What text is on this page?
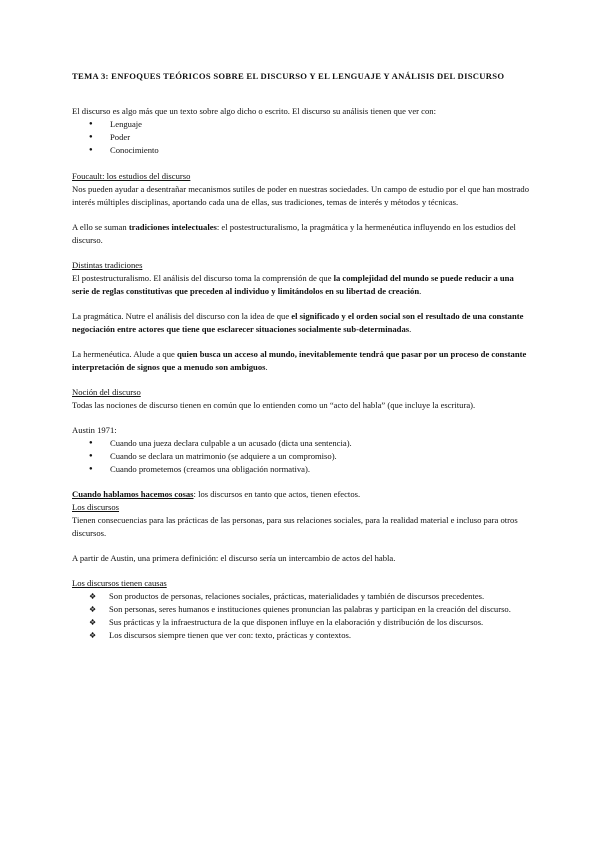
TEMA 3: ENFOQUES TEÓRICOS SOBRE EL DISCURSO Y EL LENGUAJE Y ANÁLISIS DEL DISCURSO

El discurso es algo más que un texto sobre algo dicho o escrito. El discurso su análisis tienen que ver con:

● Lenguaje
● Poder
● Conocimiento

Foucault: los estudios del discurso

Nos pueden ayudar a desentrañar mecanismos sutiles de poder en nuestras sociedades. Un campo de estudio por el que han mostrado interés múltiples disciplinas, aportando cada una de ellas, sus tradiciones, temas de interés y métodos y técnicas.

A ello se suman tradiciones intelectuales: el postestructuralismo, la pragmática y la hermenéutica influyendo en los estudios del discurso.

Distintas tradiciones

El postestructuralismo. El análisis del discurso toma la comprensión de que la complejidad del mundo se puede reducir a una serie de reglas constitutivas que preceden al individuo y limitándolos en su libertad de creación.

La pragmática. Nutre el análisis del discurso con la idea de que el significado y el orden social son el resultado de una constante negociación entre actores que tiene que esclarecer situaciones socialmente sub-determinadas.

La hermenéutica. Alude a que quien busca un acceso al mundo, inevitablemente tendrá que pasar por un proceso de constante interpretación de signos que a menudo son ambiguos.

Noción del discurso

Todas las nociones de discurso tienen en común que lo entienden como un “acto del habla” (que incluye la escritura).

Austin 1971:

● Cuando una jueza declara culpable a un acusado (dicta una sentencia).
● Cuando se declara un matrimonio (se adquiere a un compromiso).
● Cuando prometemos (creamos una obligación normativa).

Cuando hablamos hacemos cosas: los discursos en tanto que actos, tienen efectos.

Los discursos

Tienen consecuencias para las prácticas de las personas, para sus relaciones sociales, para la realidad material e incluso para otros discursos.

A partir de Austin, una primera definición: el discurso sería un intercambio de actos del habla.

Los discursos tienen causas

❖ Son productos de personas, relaciones sociales, prácticas, materialidades y también de discursos precedentes.
❖ Son personas, seres humanos e instituciones quienes pronuncian las palabras y participan en la creación del discurso.
❖ Sus prácticas y la infraestructura de la que disponen influye en la elaboración y distribución de los discursos.
❖ Los discursos siempre tienen que ver con: texto, prácticas y contextos.
